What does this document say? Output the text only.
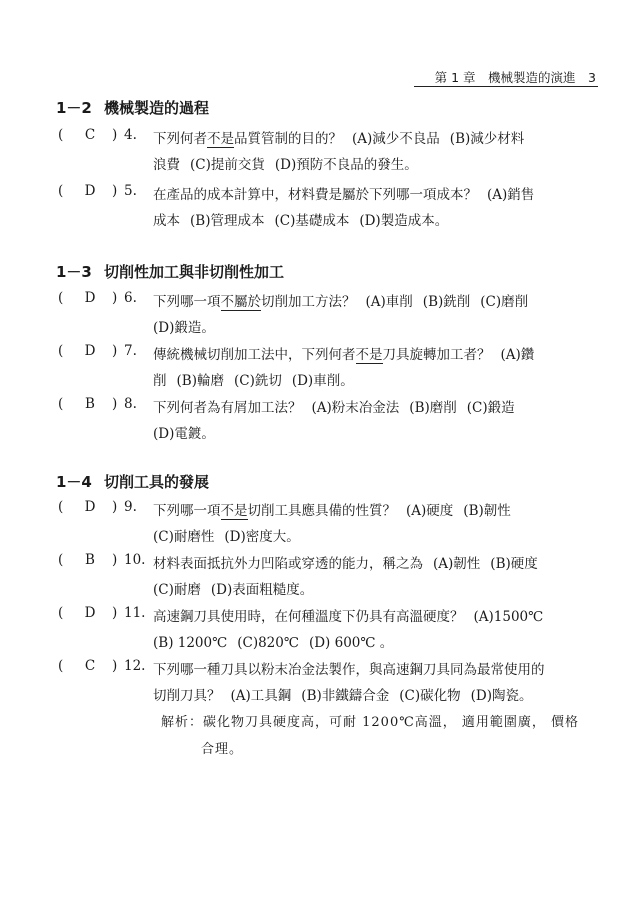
第 1 章　機械製造的演進　3
1－2 機械製造的過程
( C ) 4. 下列何者不是品質管制的目的？ (A)減少不良品 (B)減少材料
浪費 (C)提前交貨 (D)預防不良品的發生。
( D ) 5. 在產品的成本計算中，材料費是屬於下列哪一項成本？ (A)銷售
成本 (B)管理成本 (C)基礎成本 (D)製造成本。
1－3 切削性加工與非切削性加工
( D ) 6. 下列哪一項不屬於切削加工方法？ (A)車削 (B)銑削 (C)磨削
(D)鍛造。
( D ) 7. 傳統機械切削加工法中，下列何者不是刀具旋轉加工者？ (A)鑽
削 (B)輪磨 (C)銑切 (D)車削。
( B ) 8. 下列何者為有屑加工法？ (A)粉末冶金法 (B)磨削 (C)鍛造
(D)電鍍。
1－4 切削工具的發展
( D ) 9. 下列哪一項不是切削工具應具備的性質？ (A)硬度 (B)韌性
(C)耐磨性 (D)密度大。
( B ) 10. 材料表面抵抗外力凹陷或穿透的能力，稱之為 (A)韌性 (B)硬度
(C)耐磨 (D)表面粗糙度。
( D ) 11. 高速鋼刀具使用時，在何種溫度下仍具有高溫硬度？ (A)1500℃
(B) 1200℃ (C)820℃ (D) 600℃ 。
( C ) 12. 下列哪一種刀具以粉末冶金法製作，與高速鋼刀具同為最常使用的
切削刀具？ (A)工具鋼 (B)非鐵鑄合金 (C)碳化物 (D)陶瓷。
解析：碳化物刀具硬度高，可耐 1200℃高溫， 適用範圍廣， 價格
合理。
